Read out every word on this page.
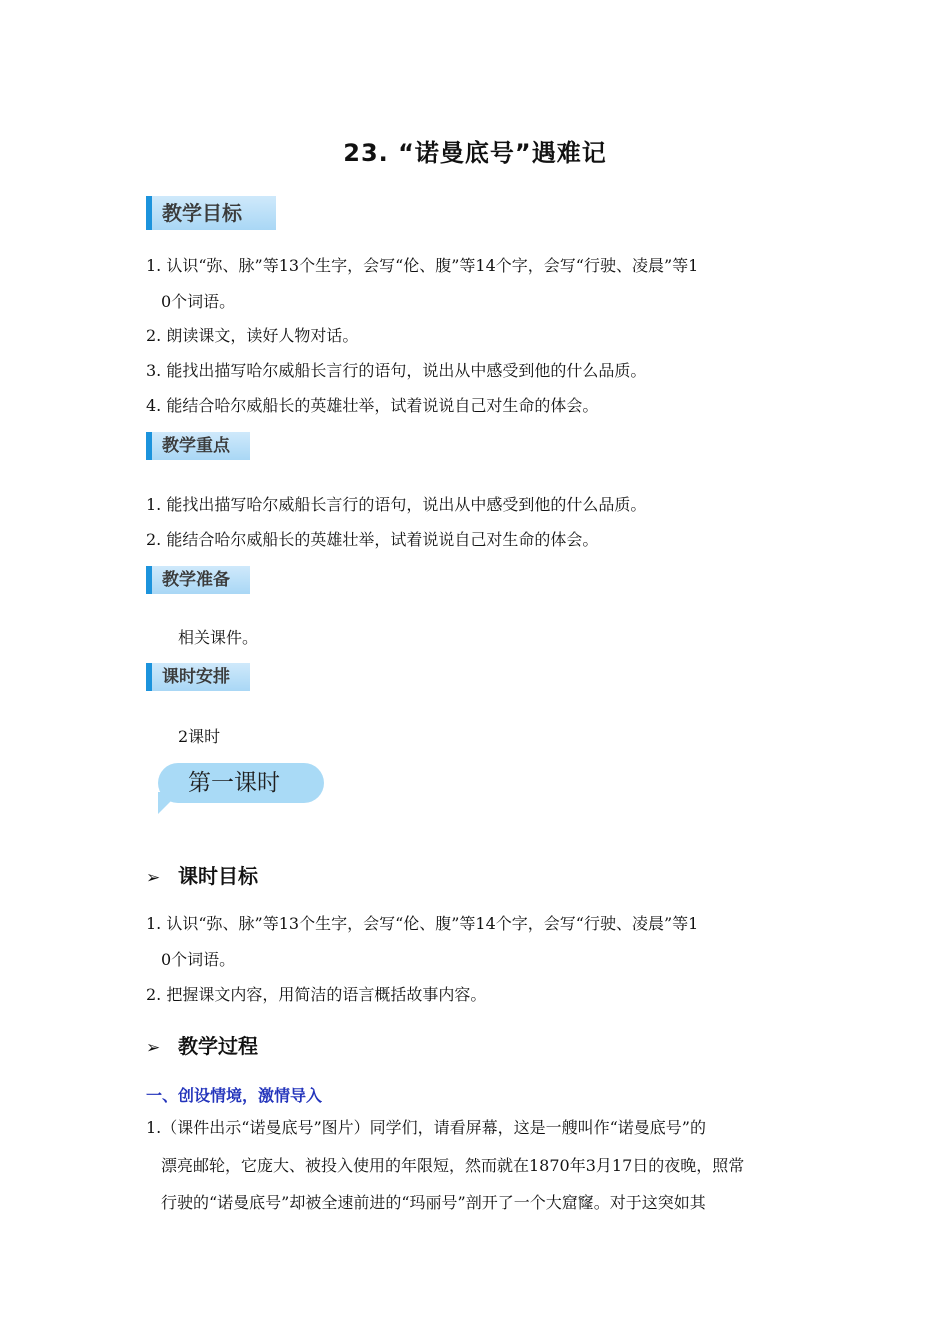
23. “诺曼底号”遇难记
教学目标
1. 认识“弥、脉”等13个生字，会写“伦、腹”等14个字，会写“行驶、凌晨”等1
0个词语。
2. 朗读课文，读好人物对话。
3. 能找出描写哈尔威船长言行的语句，说出从中感受到他的什么品质。
4. 能结合哈尔威船长的英雄壮举，试着说说自己对生命的体会。
教学重点
1. 能找出描写哈尔威船长言行的语句，说出从中感受到他的什么品质。
2. 能结合哈尔威船长的英雄壮举，试着说说自己对生命的体会。
教学准备
相关课件。
课时安排
2课时
第一课时
➢ 课时目标
1. 认识“弥、脉”等13个生字，会写“伦、腹”等14个字，会写“行驶、凌晨”等1
0个词语。
2. 把握课文内容，用简洁的语言概括故事内容。
➢ 教学过程
一、创设情境，激情导入
1.（课件出示“诺曼底号”图片）同学们，请看屏幕，这是一艘叫作“诺曼底号”的
漂亮邮轮，它庞大、被投入使用的年限短，然而就在1870年3月17日的夜晚，照常
行驶的“诺曼底号”却被全速前进的“玛丽号”剖开了一个大窟窿。对于这突如其
